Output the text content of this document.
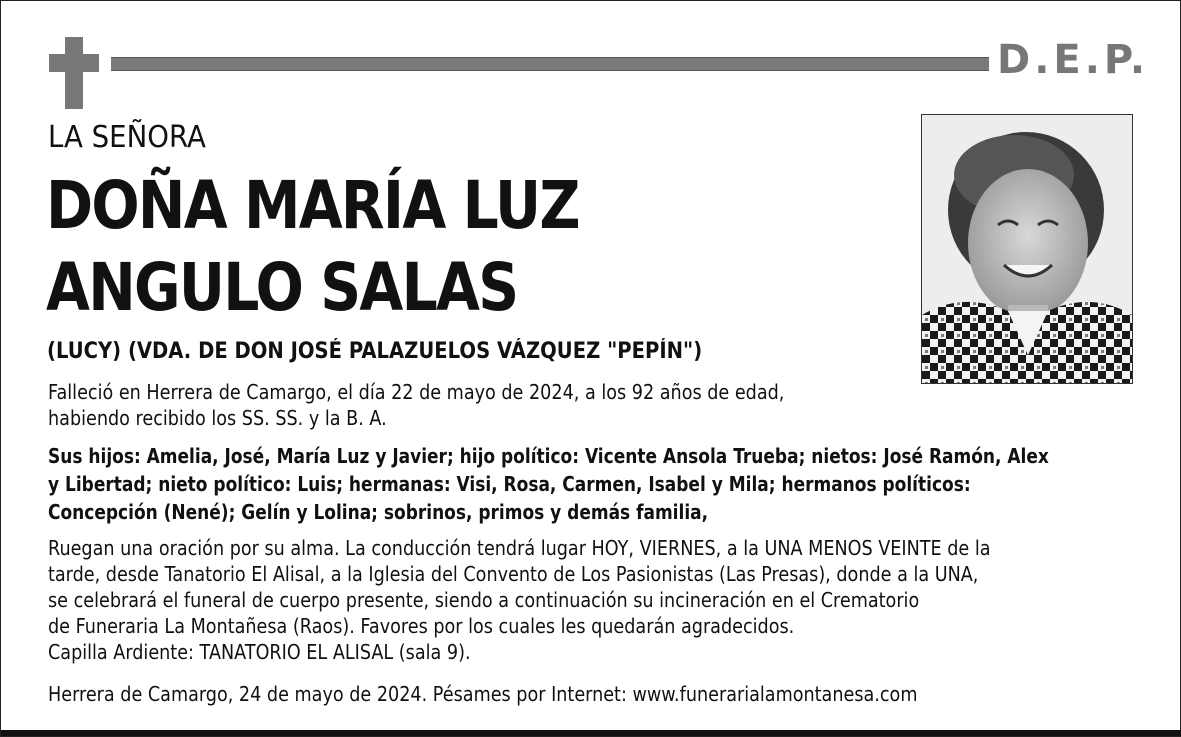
D.E.P.
LA SEÑORA
DOÑA MARÍA LUZ
ANGULO SALAS
(LUCY) (VDA. DE DON JOSÉ PALAZUELOS VÁZQUEZ "PEPÍN")
Falleció en Herrera de Camargo, el día 22 de mayo de 2024, a los 92 años de edad,
habiendo recibido los SS. SS. y la B. A.
Sus hijos: Amelia, José, María Luz y Javier; hijo político: Vicente Ansola Trueba; nietos: José Ramón, Alex
y Libertad; nieto político: Luis; hermanas: Visi, Rosa, Carmen, Isabel y Mila; hermanos políticos:
Concepción (Nené); Gelín y Lolina; sobrinos, primos y demás familia,
Ruegan una oración por su alma. La conducción tendrá lugar HOY, VIERNES, a la UNA MENOS VEINTE de la
tarde, desde Tanatorio El Alisal, a la Iglesia del Convento de Los Pasionistas (Las Presas), donde a la UNA,
se celebrará el funeral de cuerpo presente, siendo a continuación su incineración en el Crematorio
de Funeraria La Montañesa (Raos). Favores por los cuales les quedarán agradecidos.
Capilla Ardiente: TANATORIO EL ALISAL (sala 9).
Herrera de Camargo, 24 de mayo de 2024. Pésames por Internet: www.funerarialamontanesa.com
